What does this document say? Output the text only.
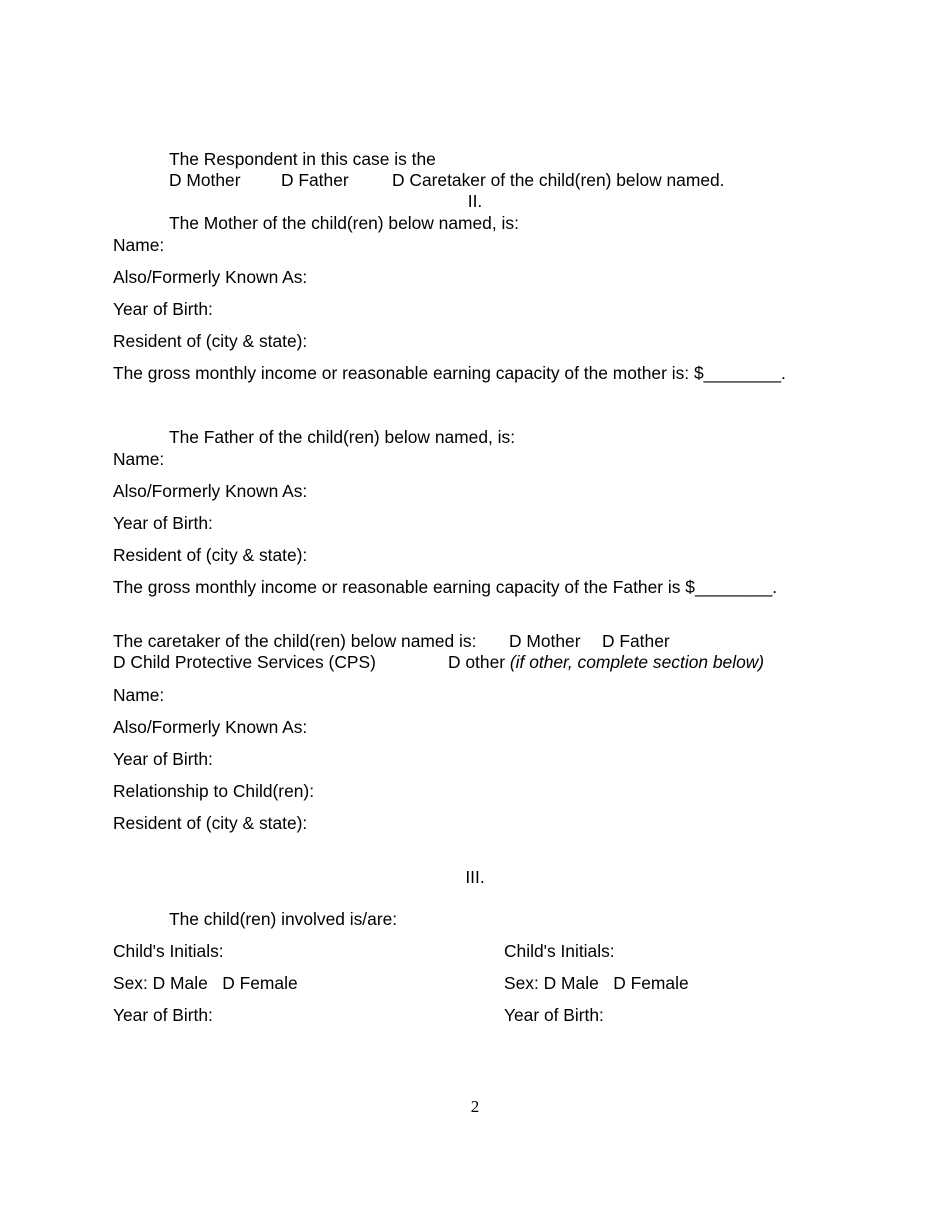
The Respondent in this case is the
D Mother D Father D Caretaker of the child(ren) below named.
II.
The Mother of the child(ren) below named, is:
Name:
Also/Formerly Known As:
Year of Birth:
Resident of (city & state):
The gross monthly income or reasonable earning capacity of the mother is: $________.
The Father of the child(ren) below named, is:
Name:
Also/Formerly Known As:
Year of Birth:
Resident of (city & state):
The gross monthly income or reasonable earning capacity of the Father is $________.
The caretaker of the child(ren) below named is: D Mother D Father
D Child Protective Services (CPS)	D other (if other, complete section below)
Name:
Also/Formerly Known As:
Year of Birth:
Relationship to Child(ren):
Resident of (city & state):
III.
The child(ren) involved is/are:
Child's Initials:
Sex: D Male D Female
Year of Birth:
Child's Initials:
Sex: D Male D Female
Year of Birth:
2
